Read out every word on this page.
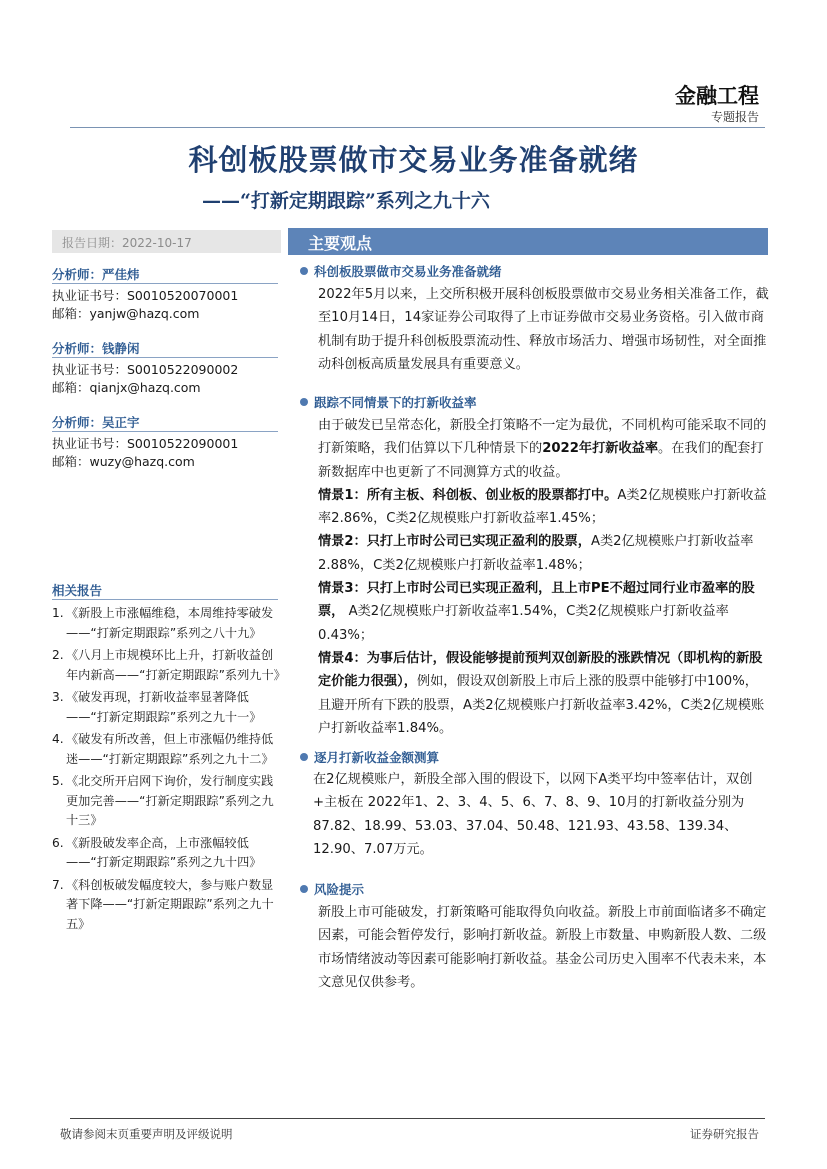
金融工程
专题报告
科创板股票做市交易业务准备就绪
——“打新定期跟踪”系列之九十六
报告日期：2022-10-17	主要观点
分析师：严佳炜
执业证书号：S0010520070001
邮箱：yanjw@hazq.com
分析师：钱静闲
执业证书号：S0010522090002
邮箱：qianjx@hazq.com
分析师：吴正宇
执业证书号：S0010522090001
邮箱：wuzy@hazq.com
相关报告
1. 《新股上市涨幅维稳，本周维持零破发——“打新定期跟踪”系列之八十九》
2. 《八月上市规模环比上升，打新收益创年内新高——“打新定期跟踪”系列九十》
3. 《破发再现，打新收益率显著降低——“打新定期跟踪”系列之九十一》
4. 《破发有所改善，但上市涨幅仍维持低迷——“打新定期跟踪”系列之九十二》
5. 《北交所开启网下询价，发行制度实践更加完善——“打新定期跟踪”系列之九十三》
6. 《新股破发率企高，上市涨幅较低——“打新定期跟踪”系列之九十四》
7. 《科创板破发幅度较大，参与账户数显著下降——“打新定期跟踪”系列之九十五》
科创板股票做市交易业务准备就绪
2022年5月以来，上交所积极开展科创板股票做市交易业务相关准备工作，截至10月14日，14家证券公司取得了上市证券做市交易业务资格。引入做市商机制有助于提升科创板股票流动性、释放市场活力、增强市场韧性，对全面推动科创板高质量发展具有重要意义。
跟踪不同情景下的打新收益率
由于破发已呈常态化，新股全打策略不一定为最优，不同机构可能采取不同的打新策略，我们估算以下几种情景下的2022年打新收益率。在我们的配套打新数据库中也更新了不同测算方式的收益。
情景1：所有主板、科创板、创业板的股票都打中。A类2亿规模账户打新收益率2.86%，C类2亿规模账户打新收益率1.45%；
情景2：只打上市时公司已实现正盈利的股票，A类2亿规模账户打新收益率2.88%，C类2亿规模账户打新收益率1.48%；
情景3：只打上市时公司已实现正盈利，且上市PE不超过同行业市盈率的股票， A类2亿规模账户打新收益率1.54%，C类2亿规模账户打新收益率0.43%；
情景4：为事后估计，假设能够提前预判双创新股的涨跌情况（即机构的新股定价能力很强），例如，假设双创新股上市后上涨的股票中能够打中100%，且避开所有下跌的股票，A类2亿规模账户打新收益率3.42%，C类2亿规模账户打新收益率1.84%。
逐月打新收益金额测算
在2亿规模账户，新股全部入围的假设下，以网下A类平均中签率估计，双创+主板在 2022年1、2、3、4、5、6、7、8、9、10月的打新收益分别为87.82、18.99、53.03、37.04、50.48、121.93、43.58、139.34、12.90、7.07万元。
风险提示
新股上市可能破发，打新策略可能取得负向收益。新股上市前面临诸多不确定因素，可能会暂停发行，影响打新收益。新股上市数量、申购新股人数、二级市场情绪波动等因素可能影响打新收益。基金公司历史入围率不代表未来，本文意见仅供参考。
敬请参阅末页重要声明及评级说明	证券研究报告
